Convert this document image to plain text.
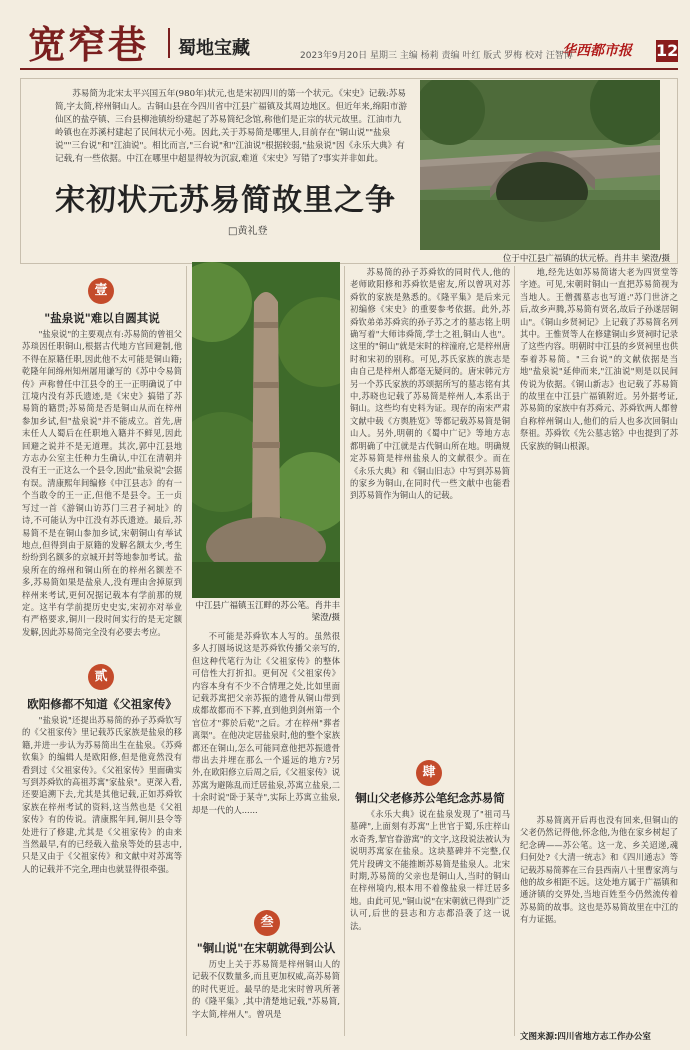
宽窄巷 蜀地宝藏	2023年9月20日 星期三 主编 杨莉 责编 叶红 版式 罗梅 校对 汪智博
华西都市报 12
苏易简为北宋太平兴国五年(980年)状元,也是宋初四川的第一个状元。《宋史》记载:苏易简,字太简,梓州铜山人。古铜山县在今四川省中江县广福镇及其周边地区。但近年来,绵阳市游仙区的盐亭镇、三台县柳池镇纷纷建起了苏易简纪念馆,称他们是正宗的状元故里。江油市九岭镇也在苏溪村建起了民间状元小苑。因此,关于苏易简是哪里人,目前存在"铜山说""盐泉说""三台说"和"江油说"。相比而言,"三台说"和"江油说"根据较弱,"盐泉说"因《永乐大典》有记载,有一些依据。中江在哪里中超显得较为沉寂,难道《宋史》写错了?事实并非如此。
位于中江县广福镇的状元桥。肖井丰 梁澄/摄
宋初状元苏易简故里之争
□黄礼登
壹
"盐泉说"难以自圆其说
"盐泉说"的主要观点有:苏易简的曾祖父苏琰因任职铜山,根据古代地方官回避制,他不得在原籍任职,因此他不太可能是铜山籍;乾隆年间绵州知州屠用谦写的《苏中令易简传》声称曾任中江县令的王一正明确说了中江境内没有苏氏遗迹,是《宋史》搞错了苏易简的籍贯;苏易简是否是铜山从而在梓州参加乡试,但"盐泉说"并不能成立。首先,唐末任人人蜀后在任职地入籍并不鲜见,因此回避之说并不是无道理。其次,郭中江县地方志办公室主任种力生确认,中江在清朝并没有王一正这么一个县令,因此"盐泉说"会据有误。清康熙年间编修《中江县志》的有一个当敢令的王一正,但他不是县令。王一贞写过一首《游铜山访苏门三君子祠址》的诗,不可能认为中江没有苏氏遗迹。最后,苏易简不是在铜山参加乡试,宋朝铜山有举试地点,但得到由于原籍的发解名额太少,考生纷纷到名额多的京城开封等地参加考试。盐泉所在的绵州和铜山所在的梓州名额差不多,苏易简如果是盐泉人,没有理由舍掉原到梓州来考试,更何况据记载本有学前那的规定。这半有学前提历史史实,宋初亦对举业有严格要求,铜川一段时间实行的是无定额发解,因此苏易简完全没有必要去考应。
贰
欧阳修都不知道《父祖家传》
"盐泉说"还提出苏易简的孙子苏舜钦写的《父祖家传》里记载苏氏家族是盐泉的移籍,并进一步认为苏易简出生在盐泉。《苏舜钦集》的编辑人是欧阳修,但是他竟然没有看到过《父祖家传》。《父祖家传》里面确实写到苏舜钦的高祖苏寓"家盐泉"。更深入看,还要追溯下去,尤其是其他记载,正如苏舜钦家族在梓州考试的资料,这当然也是《父祖家传》有的传说。清康熙年间,铜川县令等处进行了修建,尤其是《父祖家传》的由来当然最早,有的已经载入盐泉等处的县志中,只是又由于《父祖家传》和文献中对苏寓等人的记载并不完全,理由也就显得很牵强。
中江县广福镇玉江畔的苏公笔。肖井丰 梁澄/摄
不可能是苏舜钦本人写的。虽然很多人打圆场说这是苏舜钦传播父亲写的,但这种代笔行为让《父祖家传》的整体可信性大打折扣。更何况《父祖家传》内容本身有不少不合情理之处,比如里面记载苏寓把父亲苏振的遗骨从铜山带到成都故都而不下葬,直到他到剑州第一个官位才"葬於后乾"之后。才在梓州"葬者离渠"。在他决定居盐泉时,他的整个家族都还在铜山,怎么可能同意他把苏振遗骨带出去并埋在那么一个遥远的地方?另外,在欧阳修立后周之后,《父祖家传》说苏寓为避陈乱而迁居盐泉,苏寓立盐泉,二十余时说"卧于某寺",实际上苏寓立盐泉,却是一代的人......
叁
"铜山说"在宋朝就得到公认
历史上关于苏易简是梓州铜山人的记载不仅数量多,而且更加权威,高苏易简的时代更近。最早的是北宋时曾巩所著的《隆平集》,其中清楚地记载,"苏易简,字太简,梓州人"。曾巩是
苏易简的孙子苏舜钦的同时代人,他的老师欧阳修和苏舜钦是密友,所以曾巩对苏舜钦的家族是熟悉的。《隆平集》是后来元初编修《宋史》的重要参考依据。此外,苏舜钦弟弟苏舜宾的孙子苏之才的墓志铭上明确写着"大师讳舜简,学士之祖,铜山人也"。这里的"铜山"就是宋时的梓潼府,它是梓州唐时和宋初的别称。可见,苏氏家族的族志是由自己是梓州人都毫无疑问的。唐宋韩元方另一个苏氏家族的苏颂据所写的墓志铭有其中,苏晓也记载了苏易简是梓州人,本系出于铜山。这些均有史料为证。现存的南宋严肃文献中载《方舆胜览》等都记载苏易简是铜山人。另外,明朝的《蜀中广记》等地方志都明确了中江就是古代铜山所在地。明确规定苏易简是梓州盐泉人的文献很少。而在《永乐大典》和《铜山旧志》中写到苏易简的家乡为铜山,在同时代一些文献中也能看到苏易简作为铜山人的记载。
肆
铜山父老修苏公笔纪念苏易简
《永乐大典》说在盐泉发现了"祖司马墓碑",上面刻有苏寓"上世官于蜀,乐庄梓山水奇秀,挈官眷游寓"的文字,这段说法被认为说明苏寓家在盐泉。这块墓碑并不完整,仅凭片段碑文不能推断苏易简是盐泉人。北宋时期,苏易简的父亲也是铜山人,当时的铜山在梓州境内,根本用不着像盐泉一样迁居多地。由此可见,"铜山说"在宋朝就已得到广泛认可,后世的县志和方志都沿袭了这一说法。
地,经先达如苏易简诸大老为四贤堂等字迹。可见,宋朝时铜山一直把苏易简视为当地人。王僧孺墓志也写道:"苏门世济之后,故乡声腾,苏易简有贤名,故后子孙遂居铜山"。《铜山乡贤祠记》上记载了苏易简名列其中。王惟贤等人在修建铜山乡贤祠时记录了这些内容。明朝时中江县的乡贤祠里也供奉着苏易简。"三台说"的文献依据是当地"盐泉说"延伸而来,"江油说"则是以民间传说为依据。《铜山新志》也记载了苏易简的故里在中江县广福镇附近。另外据考证,苏易简的家族中有苏舜元、苏舜钦两人都曾自称梓州铜山人,他们的后人也多次回铜山祭祖。苏舜钦《先公墓志铭》中也提到了苏氏家族的铜山根源。
苏易简离开后再也没有回来,但铜山的父老仍然记得他,怀念他,为他在家乡树起了纪念碑——苏公笔。这一龙、乡关迢递,魂归何处?《大清一统志》和《四川通志》等记载苏易简葬在三台县西南八十里曹家湾与他的故乡相距不远。这处地方属于广福镇和通济镇的交界处,当地百姓至今仍然流传着苏易简的故事。这也是苏易简故里在中江的有力证据。
文图来源:四川省地方志工作办公室
